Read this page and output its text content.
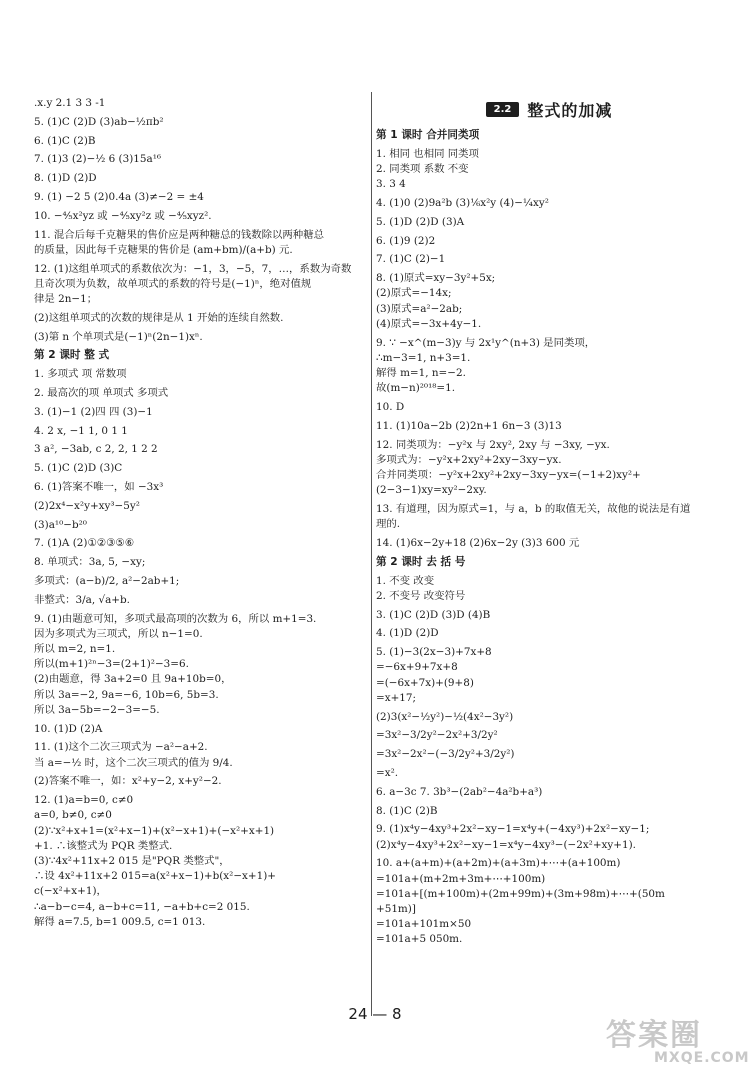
.x.y 2.1 3 3 -1
5. (1)C (2)D (3)ab−½πb²
6. (1)C (2)B
7. (1)3 (2)−½ 6 (3)15a¹⁶
8. (1)D (2)D
9. (1) −2 5 (2)0.4a (3)≠−2 = ±4
10. −⁴⁄₅x²yz 或 −⁴⁄₅xy²z 或 −⁴⁄₅xyz².
11. 混合后每千克糖果的售价应是两种糖总的钱数除以两种糖总
的质量，因此每千克糖果的售价是 (am+bm)/(a+b) 元.
12. (1)这组单项式的系数依次为：−1，3，−5，7，…，系数为奇数
且奇次项为负数，故单项式的系数的符号是(−1)ⁿ，绝对值规
律是 2n−1；
(2)这组单项式的次数的规律是从 1 开始的连续自然数.
(3)第 n 个单项式是(−1)ⁿ(2n−1)xⁿ.
第 2 课时 整 式
1. 多项式 项 常数项
2. 最高次的项 单项式 多项式
3. (1)−1 (2)四 四 (3)−1
4. 2 x, −1 1, 0 1 1
3 a², −3ab, c 2, 2, 1 2 2
5. (1)C (2)D (3)C
6. (1)答案不唯一，如 −3x³
(2)2x⁴−x²y+xy³−5y²
(3)a¹⁰−b²⁰
7. (1)A (2)①②③⑤⑥
8. 单项式：3a, 5, −xy;
多项式：(a−b)/2, a²−2ab+1;
非整式：3/a, √a+b.
9. (1)由题意可知，多项式最高项的次数为 6，所以 m+1=3.
因为多项式为三项式，所以 n−1=0.
所以 m=2, n=1.
所以(m+1)²ⁿ−3=(2+1)²−3=6.
(2)由题意，得 3a+2=0 且 9a+10b=0，
所以 3a=−2, 9a=−6, 10b=6, 5b=3.
所以 3a−5b=−2−3=−5.
10. (1)D (2)A
11. (1)这个二次三项式为 −a²−a+2.
当 a=−½ 时，这个二次三项式的值为 9/4.
(2)答案不唯一，如：x²+y−2, x+y²−2.
12. (1)a=b=0, c≠0
a=0, b≠0, c≠0
(2)∵x²+x+1=(x²+x−1)+(x²−x+1)+(−x²+x+1)
+1. ∴该整式为 PQR 类整式.
(3)∵4x²+11x+2 015 是"PQR 类整式"，
∴设 4x²+11x+2 015=a(x²+x−1)+b(x²−x+1)+
c(−x²+x+1)，
∴a−b−c=4, a−b+c=11, −a+b+c=2 015.
解得 a=7.5, b=1 009.5, c=1 013.
2.2	整式的加减
第 1 课时 合并同类项
1. 相同 也相同 同类项
2. 同类项 系数 不变
3. 3 4
4. (1)0 (2)9a²b (3)⅙x²y (4)−¼xy²
5. (1)D (2)D (3)A
6. (1)9 (2)2
7. (1)C (2)−1
8. (1)原式=xy−3y²+5x;
(2)原式=−14x;
(3)原式=a²−2ab;
(4)原式=−3x+4y−1.
9. ∵ −x^(m−3)y 与 2x¹y^(n+3) 是同类项，
∴m−3=1, n+3=1.
解得 m=1, n=−2.
故(m−n)²⁰¹⁸=1.
10. D
11. (1)10a−2b (2)2n+1 6n−3 (3)13
12. 同类项为：−y²x 与 2xy², 2xy 与 −3xy, −yx.
多项式为：−y²x+2xy²+2xy−3xy−yx.
合并同类项：−y²x+2xy²+2xy−3xy−yx=(−1+2)xy²+
(2−3−1)xy=xy²−2xy.
13. 有道理，因为原式=1，与 a，b 的取值无关，故他的说法是有道
理的.
14. (1)6x−2y+18 (2)6x−2y (3)3 600 元
第 2 课时 去 括 号
1. 不变 改变
2. 不变号 改变符号
3. (1)C (2)D (3)D (4)B
4. (1)D (2)D
5. (1)−3(2x−3)+7x+8
=−6x+9+7x+8
=(−6x+7x)+(9+8)
=x+17;
(2)3(x²−½y²)−½(4x²−3y²)
=3x²−3/2y²−2x²+3/2y²
=3x²−2x²−(−3/2y²+3/2y²)
=x².
6. a−3c 7. 3b³−(2ab²−4a²b+a³)
8. (1)C (2)B
9. (1)x⁴y−4xy³+2x²−xy−1=x⁴y+(−4xy³)+2x²−xy−1;
(2)x⁴y−4xy³+2x²−xy−1=x⁴y−4xy³−(−2x²+xy+1).
10. a+(a+m)+(a+2m)+(a+3m)+⋯+(a+100m)
=101a+(m+2m+3m+⋯+100m)
=101a+[(m+100m)+(2m+99m)+(3m+98m)+⋯+(50m
+51m)]
=101a+101m×50
=101a+5 050m.
24 — 8
答案圈
MXQE.COM
